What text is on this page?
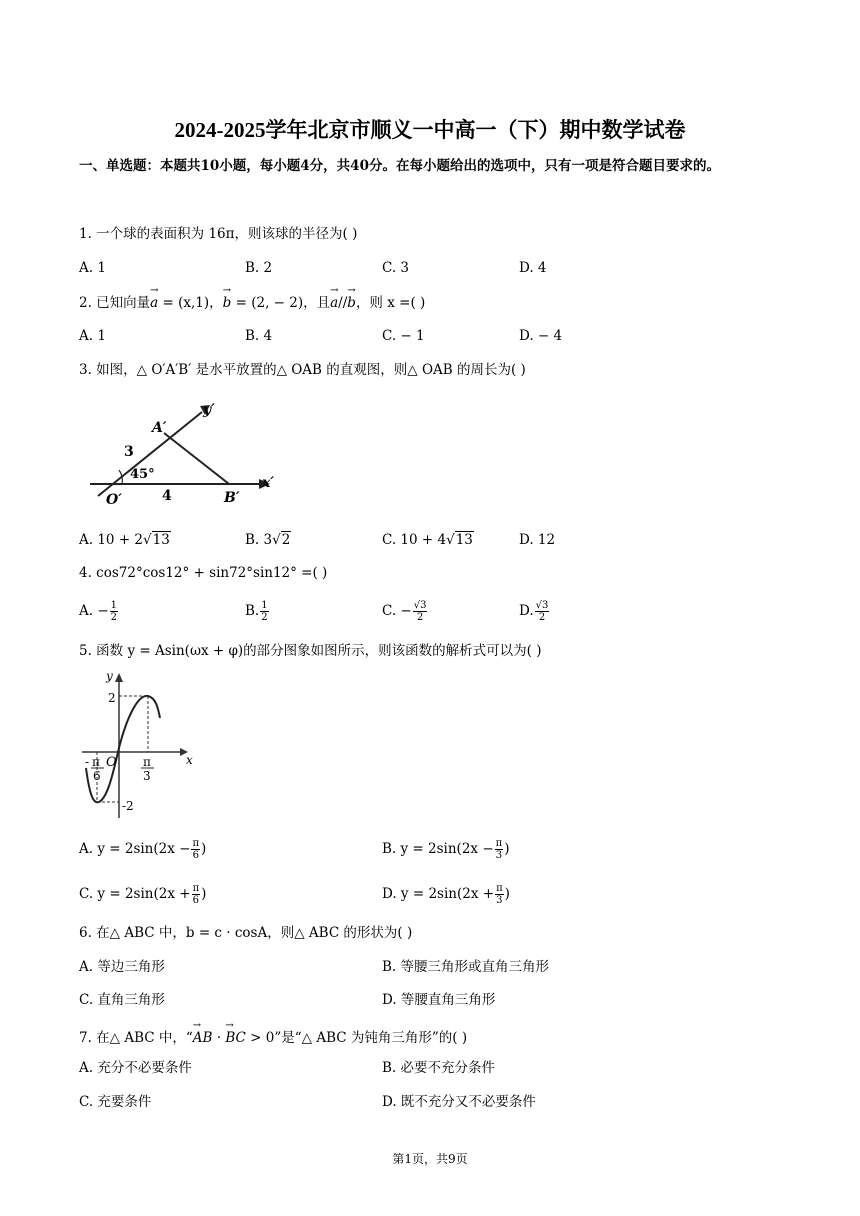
2024-2025学年北京市顺义一中高一（下）期中数学试卷
一、单选题：本题共10小题，每小题4分，共40分。在每小题给出的选项中，只有一项是符合题目要求的。
1. 一个球的表面积为 16π，则该球的半径为( )
A. 1	B. 2	C. 3	D. 4
2. 已知向量→ a = (x,1)，→ b = (2, − 2)，且→ a//→ b，则 x =( )
A. 1	B. 4	C. − 1	D. − 4
3. 如图，△ O′A′B′ 是水平放置的△ OAB 的直观图，则△ OAB 的周长为( )
y′
x′
A′
B′
O′
3
4
45°
A. 10 + 2√13	B. 3√2	C. 10 + 4√13	D. 12
4. cos72°cos12° + sin72°sin12° =( )
A. − $\frac{1}{2}$	B. $\frac{1}{2}$	C. − $\frac{√3}{2}$	D. $\frac{√3}{2}$
5. 函数 y = Asin(ωx + φ)的部分图象如图所示，则该函数的解析式可以为( )
y
x
O
2
-2
- π
6
π
3
A. $y = 2\sin(2x - \frac{\pi}{6}$ )	B. $y = 2\sin(2x - \frac{\pi}{3}$ )
C. $y = 2\sin(2x + \frac{\pi}{6}$ )	D. $y = 2\sin(2x + \frac{\pi}{3}$ )
6. 在△ ABC 中，b = c · cosA，则△ ABC 的形状为( )
A. 等边三角形	B. 等腰三角形或直角三角形
C. 直角三角形	D. 等腰直角三角形
7. 在△ ABC 中，“→ AB · → BC > 0”是“△ ABC 为钝角三角形”的( )
A. 充分不必要条件	B. 必要不充分条件
C. 充要条件	D. 既不充分又不必要条件
第1页，共9页
